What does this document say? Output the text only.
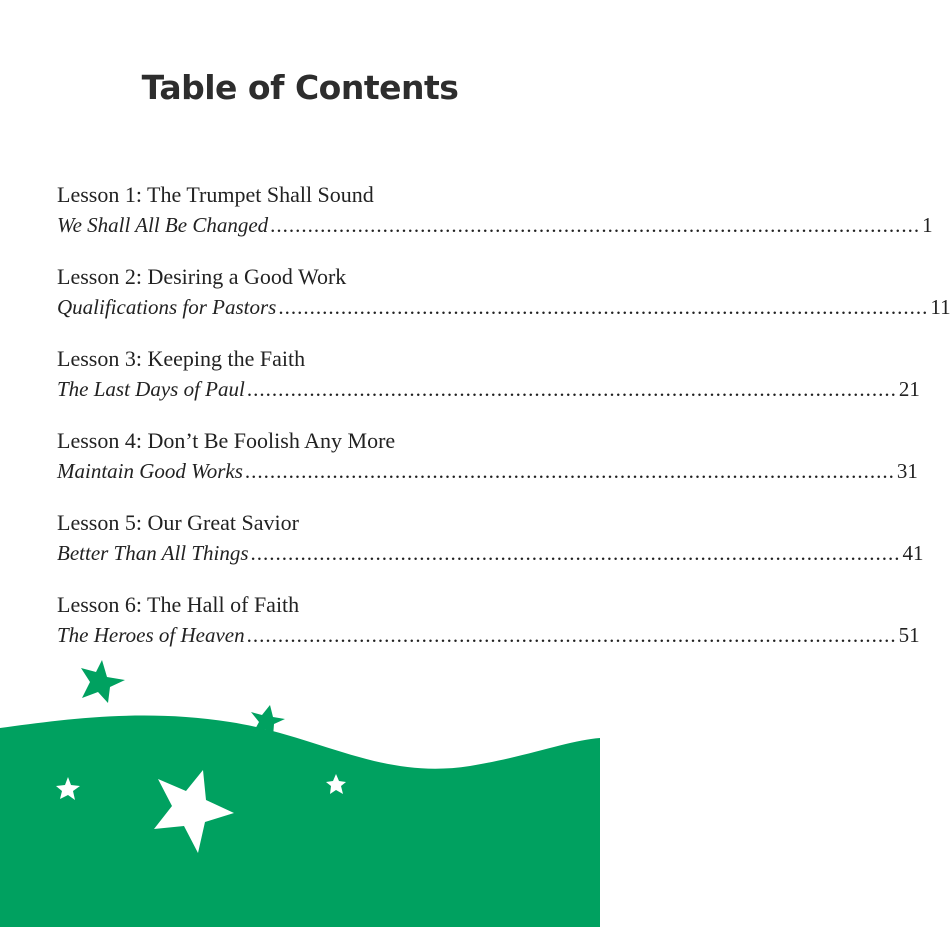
Table of Contents
Lesson 1: The Trumpet Shall Sound
We Shall All Be Changed ........................................................................................................ 1
Lesson 2: Desiring a Good Work
Qualifications for Pastors ........................................................................................................ 11
Lesson 3: Keeping the Faith
The Last Days of Paul ........................................................................................................ 21
Lesson 4: Don’t Be Foolish Any More
Maintain Good Works ........................................................................................................ 31
Lesson 5: Our Great Savior
Better Than All Things ........................................................................................................ 41
Lesson 6: The Hall of Faith
The Heroes of Heaven ........................................................................................................ 51
